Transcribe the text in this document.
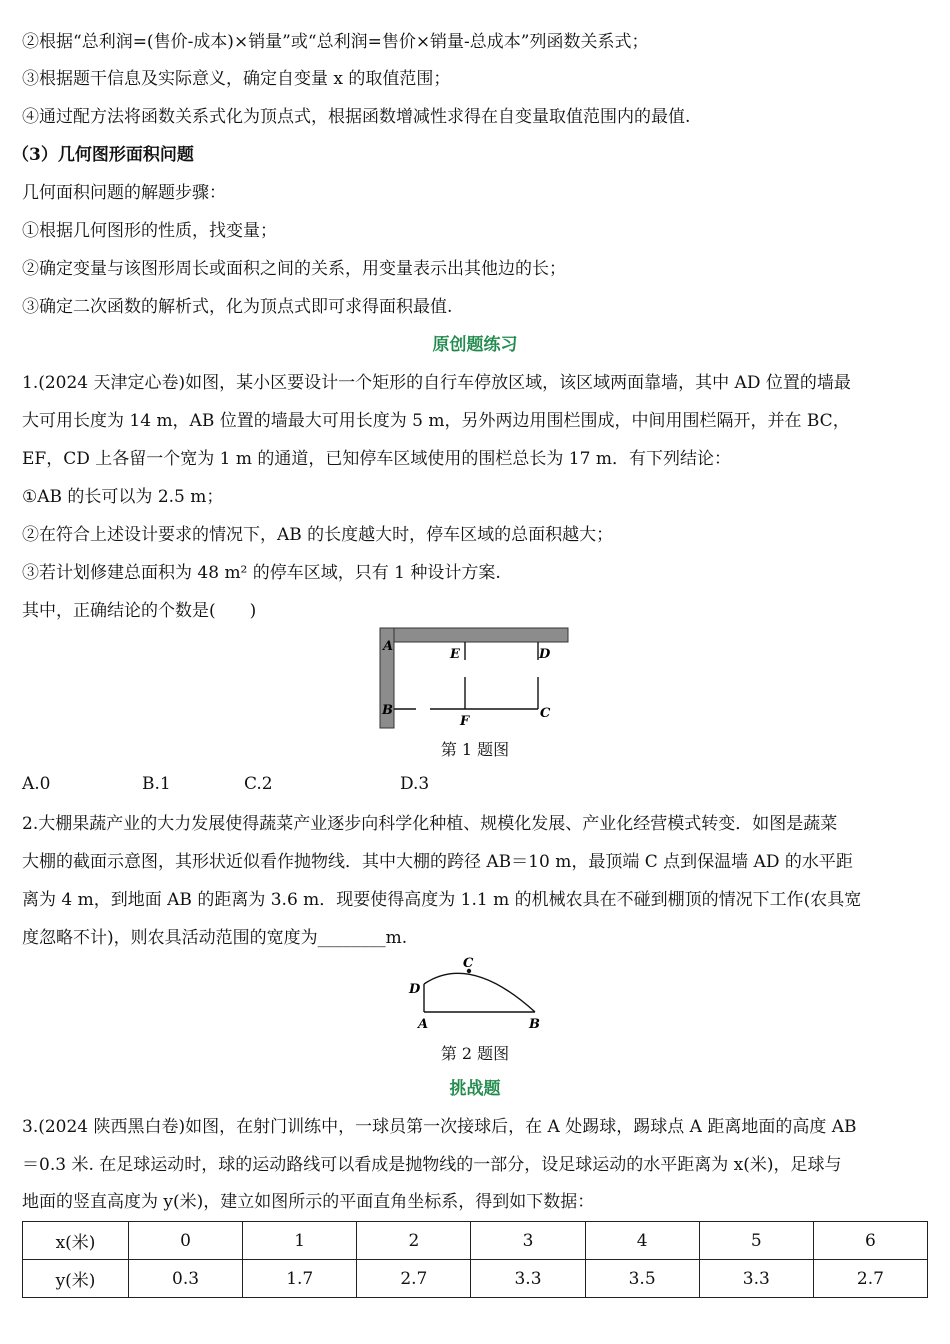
②根据“总利润=(售价-成本)×销量”或“总利润=售价×销量-总成本”列函数关系式；
③根据题干信息及实际意义，确定自变量 x 的取值范围；
④通过配方法将函数关系式化为顶点式，根据函数增减性求得在自变量取值范围内的最值.
（3）几何图形面积问题
几何面积问题的解题步骤：
①根据几何图形的性质，找变量；
②确定变量与该图形周长或面积之间的关系，用变量表示出其他边的长；
③确定二次函数的解析式，化为顶点式即可求得面积最值.
原创题练习
1.(2024 天津定心卷)如图，某小区要设计一个矩形的自行车停放区域，该区域两面靠墙，其中 AD 位置的墙最
大可用长度为 14 m，AB 位置的墙最大可用长度为 5 m，另外两边用围栏围成，中间用围栏隔开，并在 BC，
EF，CD 上各留一个宽为 1 m 的通道，已知停车区域使用的围栏总长为 17 m．有下列结论：
①AB 的长可以为 2.5 m；
②在符合上述设计要求的情况下，AB 的长度越大时，停车区域的总面积越大；
③若计划修建总面积为 48 m² 的停车区域，只有 1 种设计方案.
其中，正确结论的个数是(　　)
A
B
E	D
F
C
第 1 题图
A.0	B.1	C.2	D.3
2.大棚果蔬产业的大力发展使得蔬菜产业逐步向科学化种植、规模化发展、产业化经营模式转变．如图是蔬菜
大棚的截面示意图，其形状近似看作抛物线．其中大棚的跨径 AB＝10 m，最顶端 C 点到保温墙 AD 的水平距
离为 4 m，到地面 AB 的距离为 3.6 m．现要使得高度为 1.1 m 的机械农具在不碰到棚顶的情况下工作(农具宽
度忽略不计)，则农具活动范围的宽度为________m.
C
D
A	B
第 2 题图
挑战题
3.(2024 陕西黑白卷)如图，在射门训练中，一球员第一次接球后，在 A 处踢球，踢球点 A 距离地面的高度 AB
＝0.3 米. 在足球运动时，球的运动路线可以看成是抛物线的一部分，设足球运动的水平距离为 x(米)，足球与
地面的竖直高度为 y(米)，建立如图所示的平面直角坐标系，得到如下数据：
x(米)	0	1	2	3	4	5	6
y(米)	0.3	1.7	2.7	3.3	3.5	3.3	2.7
